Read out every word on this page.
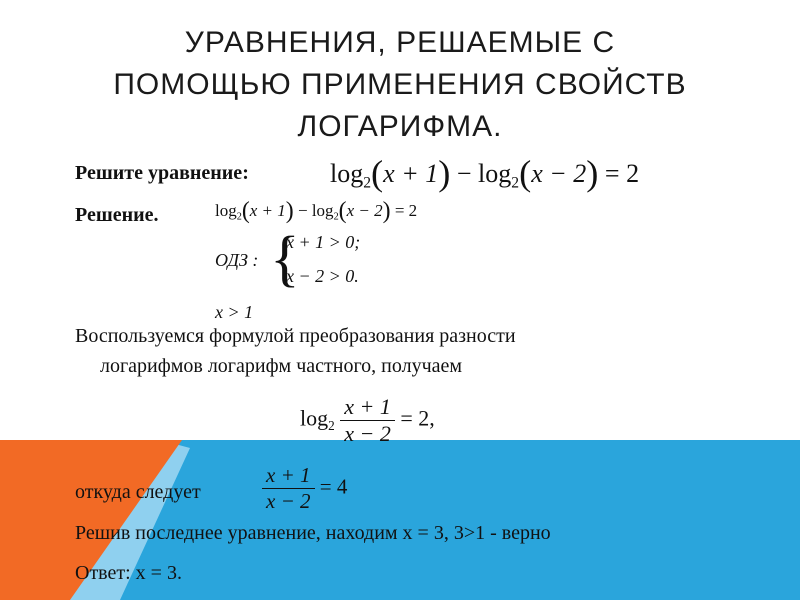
УРАВНЕНИЯ, РЕШАЕМЫЕ С
ПОМОЩЬЮ ПРИМЕНЕНИЯ СВОЙСТВ
ЛОГАРИФМА.
Решите уравнение:	$\log_2(x + 1) - \log_2(x - 2) = 2$
Решение.	$\log_2(x + 1) - \log_2(x - 2) = 2$
ОДЗ : {
x + 1 > 0;
x − 2 > 0.
x > 1
Воспользуемся формулой преобразования разности
логарифмов логарифм частного, получаем
$\log_2 \frac{x + 1}{x - 2} = 2$,
откуда следует	$\frac{x + 1}{x - 2} = 4$
Решив последнее уравнение, находим х = 3, 3>1 - верно
Ответ: х = 3.
